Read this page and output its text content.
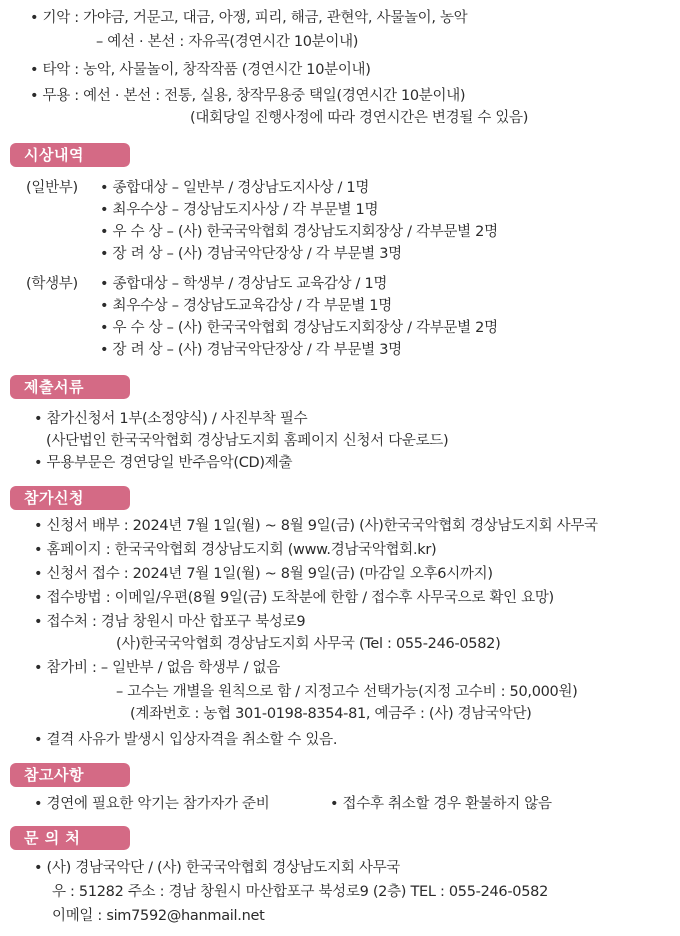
• 기악 : 가야금, 거문고, 대금, 아쟁, 피리, 해금, 관현악, 사물놀이, 농악
– 예선 · 본선 : 자유곡(경연시간 10분이내)
• 타악 : 농악, 사물놀이, 창작작품 (경연시간 10분이내)
• 무용 : 예선 · 본선 : 전통, 실용, 창작무용중 택일(경연시간 10분이내)
(대회당일 진행사정에 따라 경연시간은 변경될 수 있음)
시상내역
(일반부) • 종합대상 – 일반부 / 경상남도지사상 / 1명
• 최우수상 – 경상남도지사상 / 각 부문별 1명
• 우 수 상 – (사) 한국국악협회 경상남도지회장상 / 각부문별 2명
• 장 려 상 – (사) 경남국악단장상 / 각 부문별 3명
(학생부) • 종합대상 – 학생부 / 경상남도 교육감상 / 1명
• 최우수상 – 경상남도교육감상 / 각 부문별 1명
• 우 수 상 – (사) 한국국악협회 경상남도지회장상 / 각부문별 2명
• 장 려 상 – (사) 경남국악단장상 / 각 부문별 3명
제출서류
• 참가신청서 1부(소정양식) / 사진부착 필수
(사단법인 한국국악협회 경상남도지회 홈페이지 신청서 다운로드)
• 무용부문은 경연당일 반주음악(CD)제출
참가신청
• 신청서 배부 : 2024년 7월 1일(월) ~ 8월 9일(금) (사)한국국악협회 경상남도지회 사무국
• 홈페이지 : 한국국악협회 경상남도지회 (www.경남국악협회.kr)
• 신청서 접수 : 2024년 7월 1일(월) ~ 8월 9일(금) (마감일 오후6시까지)
• 접수방법 : 이메일/우편(8월 9일(금) 도착분에 한함 / 접수후 사무국으로 확인 요망)
• 접수처 : 경남 창원시 마산 합포구 북성로9
(사)한국국악협회 경상남도지회 사무국 (Tel : 055-246-0582)
• 참가비 : – 일반부 / 없음 학생부 / 없음
– 고수는 개별을 원칙으로 함 / 지정고수 선택가능(지정 고수비 : 50,000원)
(계좌번호 : 농협 301-0198-8354-81, 예금주 : (사) 경남국악단)
• 결격 사유가 발생시 입상자격을 취소할 수 있음.
참고사항
• 경연에 필요한 악기는 참가자가 준비	• 접수후 취소할 경우 환불하지 않음
문 의 처
• (사) 경남국악단 / (사) 한국국악협회 경상남도지회 사무국
우 : 51282 주소 : 경남 창원시 마산합포구 북성로9 (2층) TEL : 055-246-0582
이메일 : sim7592@hanmail.net
